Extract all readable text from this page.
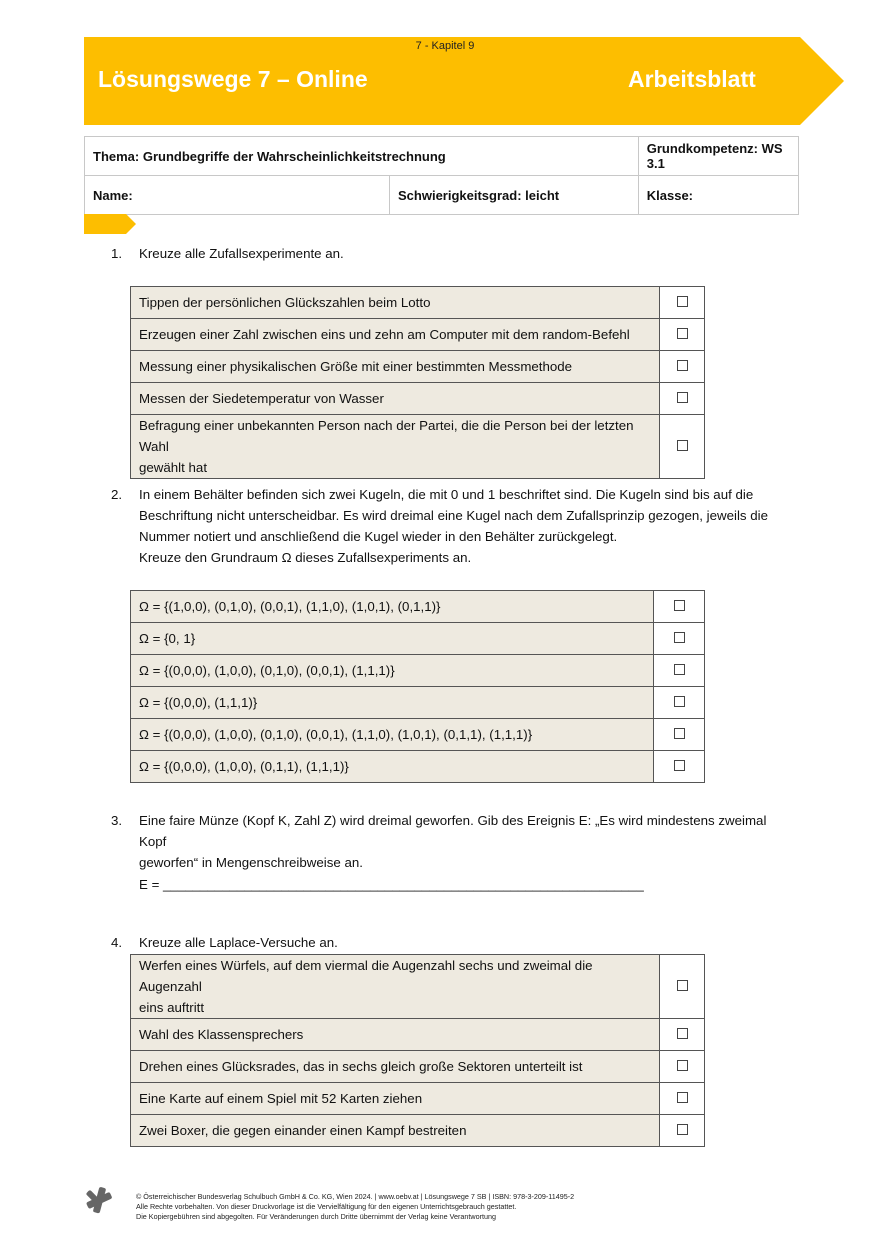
7 - Kapitel 9
Lösungswege 7 – Online	Arbeitsblatt
Thema: Grundbegriffe der Wahrscheinlichkeitstrechnung		Grundkompetenz: WS 3.1
Name:	Schwierigkeitsgrad: leicht	Klasse:
1. Kreuze alle Zufallsexperimente an.
Tippen der persönlichen Glückszahlen beim Lotto	
Erzeugen einer Zahl zwischen eins und zehn am Computer mit dem random-Befehl	
Messung einer physikalischen Größe mit einer bestimmten Messmethode	
Messen der Siedetemperatur von Wasser	
Befragung einer unbekannten Person nach der Partei, die die Person bei der letzten Wahl
gewählt hat	
2. In einem Behälter befinden sich zwei Kugeln, die mit 0 und 1 beschriftet sind. Die Kugeln sind bis auf die
Beschriftung nicht unterscheidbar. Es wird dreimal eine Kugel nach dem Zufallsprinzip gezogen, jeweils die
Nummer notiert und anschließend die Kugel wieder in den Behälter zurückgelegt.
Kreuze den Grundraum Ω dieses Zufallsexperiments an.
Ω = {(1,0,0), (0,1,0), (0,0,1), (1,1,0), (1,0,1), (0,1,1)}	
Ω = {0, 1}	
Ω = {(0,0,0), (1,0,0), (0,1,0), (0,0,1), (1,1,1)}	
Ω = {(0,0,0), (1,1,1)}	
Ω = {(0,0,0), (1,0,0), (0,1,0), (0,0,1), (1,1,0), (1,0,1), (0,1,1), (1,1,1)}	
Ω = {(0,0,0), (1,0,0), (0,1,1), (1,1,1)}	
3. Eine faire Münze (Kopf K, Zahl Z) wird dreimal geworfen. Gib des Ereignis E: „Es wird mindestens zweimal Kopf
geworfen“ in Mengenschreibweise an.
E = _________________________________________________________________
4. Kreuze alle Laplace-Versuche an.
Werfen eines Würfels, auf dem viermal die Augenzahl sechs und zweimal die Augenzahl
eins auftritt	
Wahl des Klassensprechers	
Drehen eines Glücksrades, das in sechs gleich große Sektoren unterteilt ist	
Eine Karte auf einem Spiel mit 52 Karten ziehen	
Zwei Boxer, die gegen einander einen Kampf bestreiten	
© Österreichischer Bundesverlag Schulbuch GmbH & Co. KG, Wien 2024. | www.oebv.at | Lösungswege 7 SB | ISBN: 978-3-209-11495-2
Alle Rechte vorbehalten. Von dieser Druckvorlage ist die Vervielfältigung für den eigenen Unterrichtsgebrauch gestattet.
Die Kopiergebühren sind abgegolten. Für Veränderungen durch Dritte übernimmt der Verlag keine Verantwortung
